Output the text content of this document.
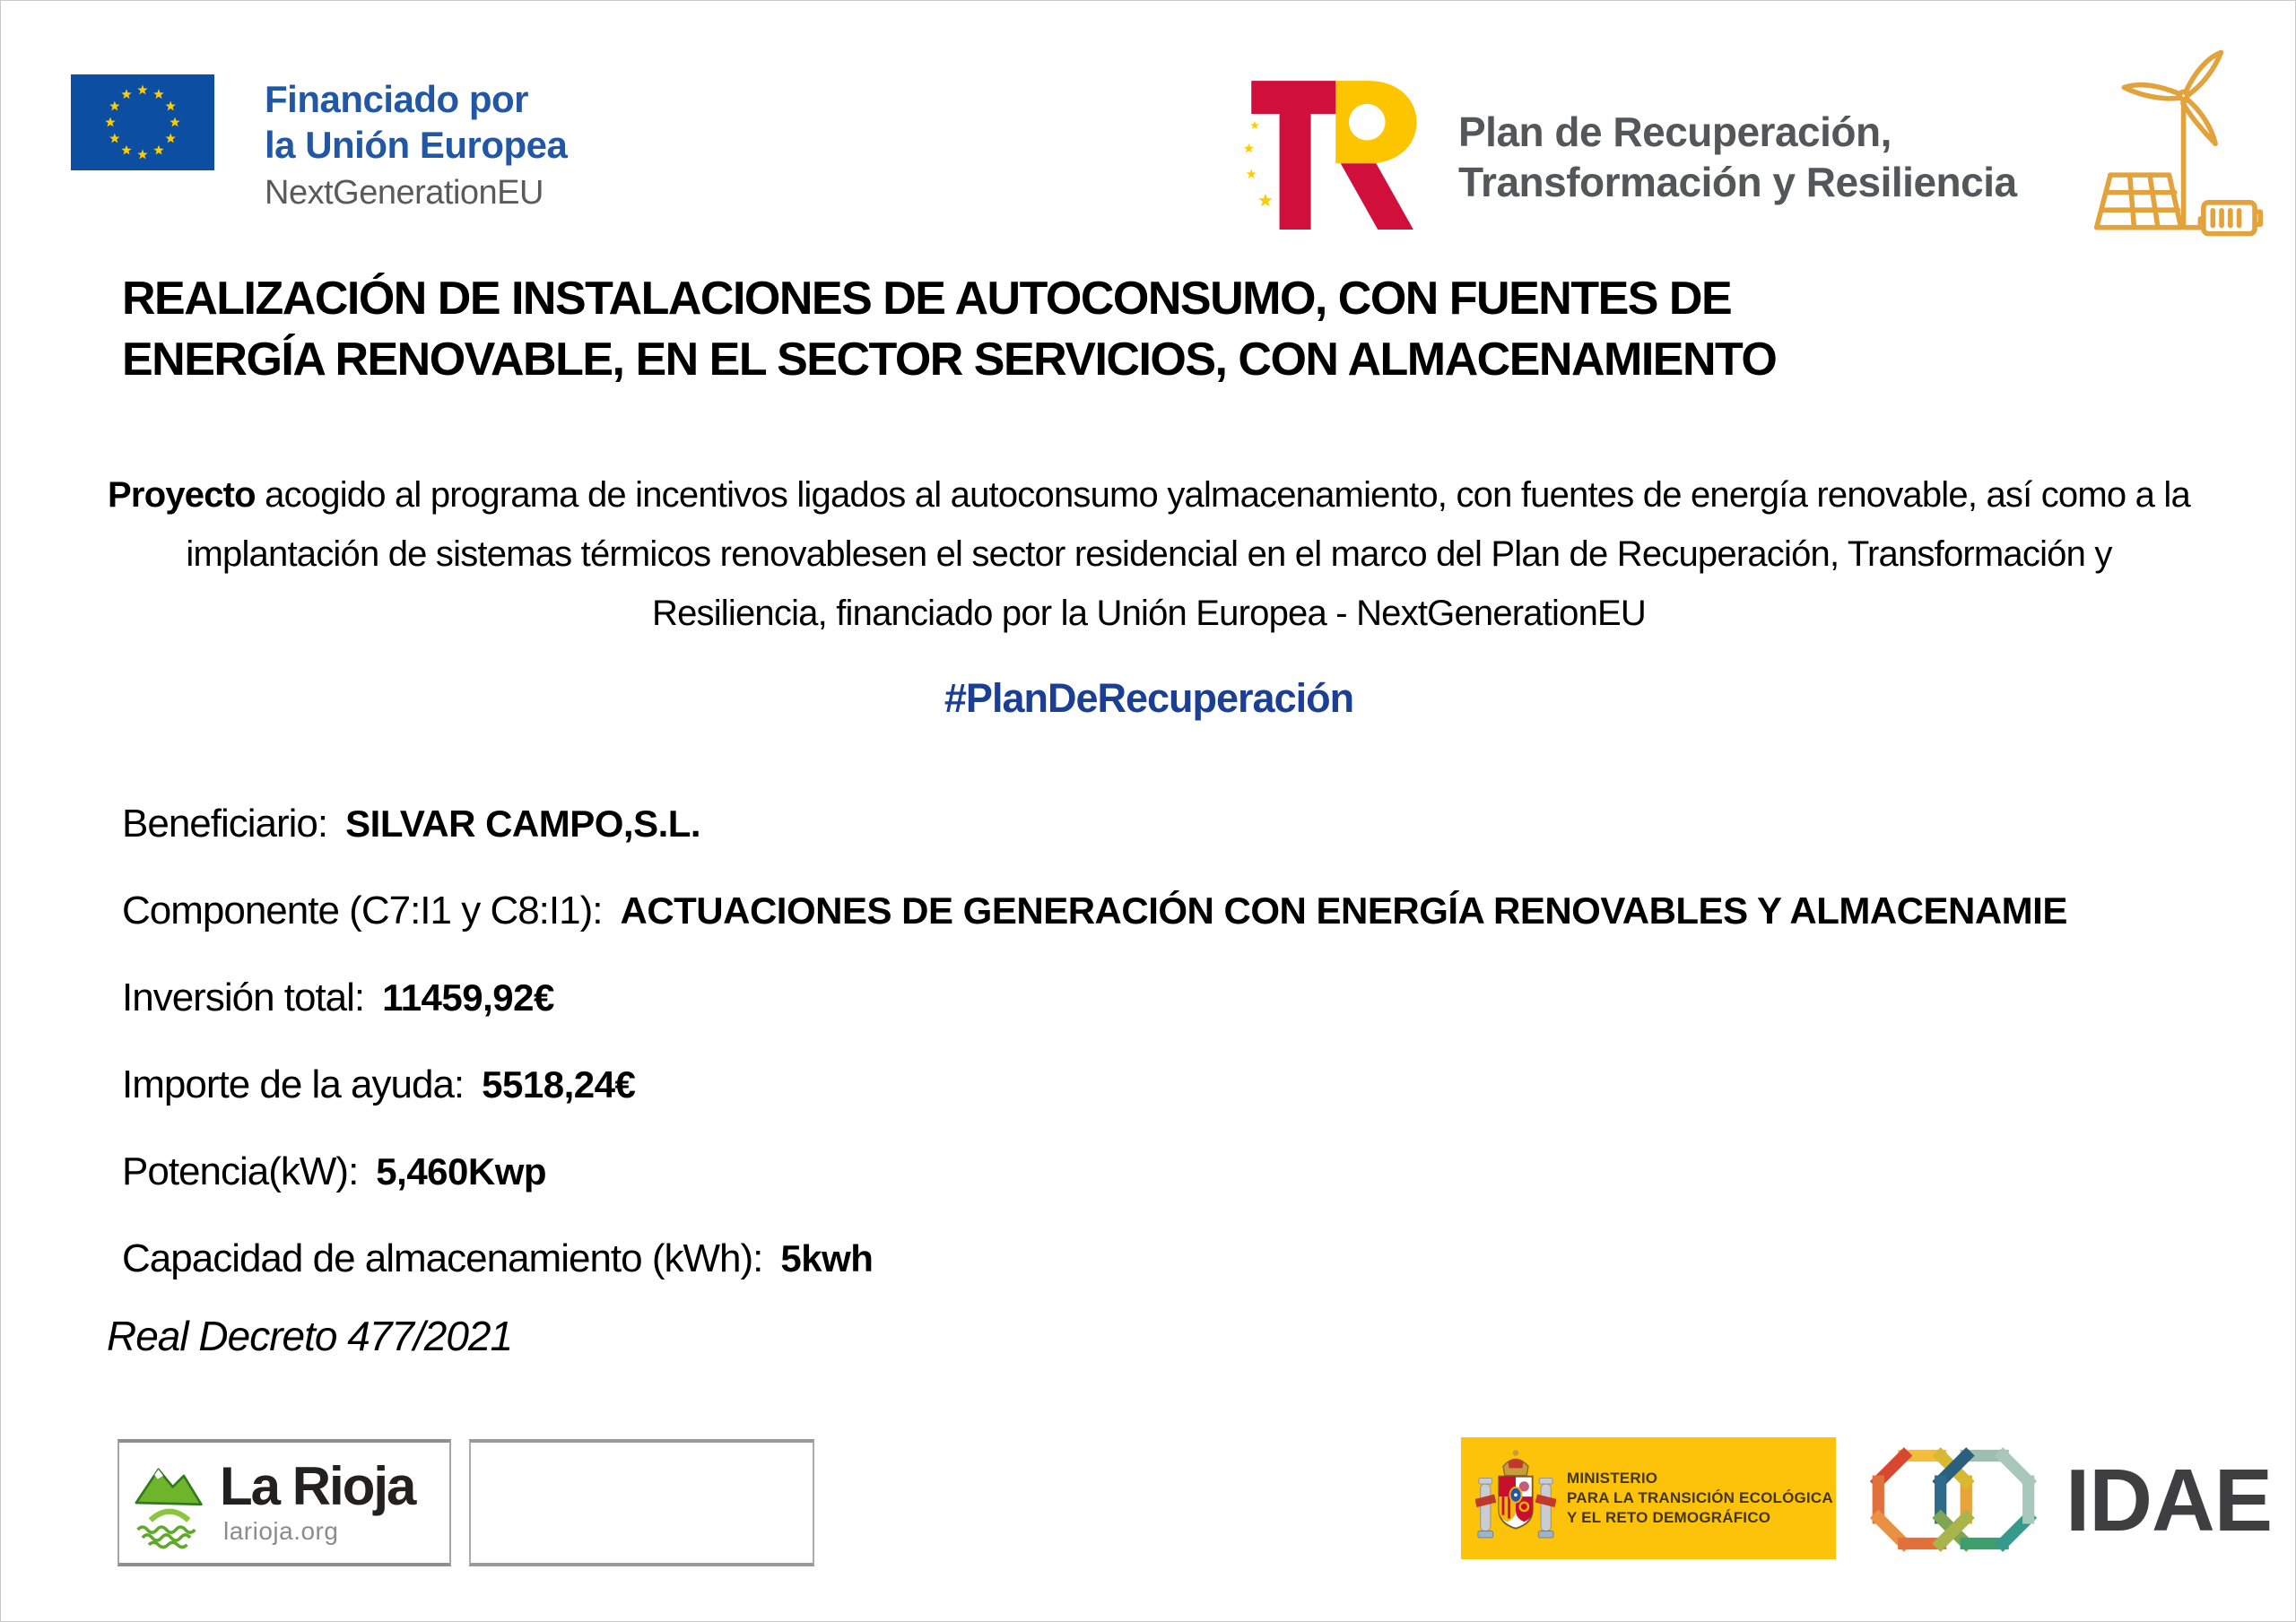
Financiado por
la Unión Europea
NextGenerationEU
Plan de Recuperación,
Transformación y Resiliencia
REALIZACIÓN DE INSTALACIONES DE AUTOCONSUMO, CON FUENTES DE
ENERGÍA RENOVABLE, EN EL SECTOR SERVICIOS, CON ALMACENAMIENTO
Proyecto acogido al programa de incentivos ligados al autoconsumo yalmacenamiento, con fuentes de energía renovable, así como a la implantación de sistemas térmicos renovablesen el sector residencial en el marco del Plan de Recuperación, Transformación y Resiliencia, financiado por la Unión Europea - NextGenerationEU
#PlanDeRecuperación
Beneficiario: SILVAR CAMPO,S.L.
Componente (C7:I1 y C8:I1): ACTUACIONES DE GENERACIÓN CON ENERGÍA RENOVABLES Y ALMACENAMIE
Inversión total: 11459,92€
Importe de la ayuda: 5518,24€
Potencia(kW): 5,460Kwp
Capacidad de almacenamiento (kWh): 5kwh
Real Decreto 477/2021
La Rioja
larioja.org
MINISTERIO
PARA LA TRANSICIÓN ECOLÓGICA
Y EL RETO DEMOGRÁFICO	IDAE
